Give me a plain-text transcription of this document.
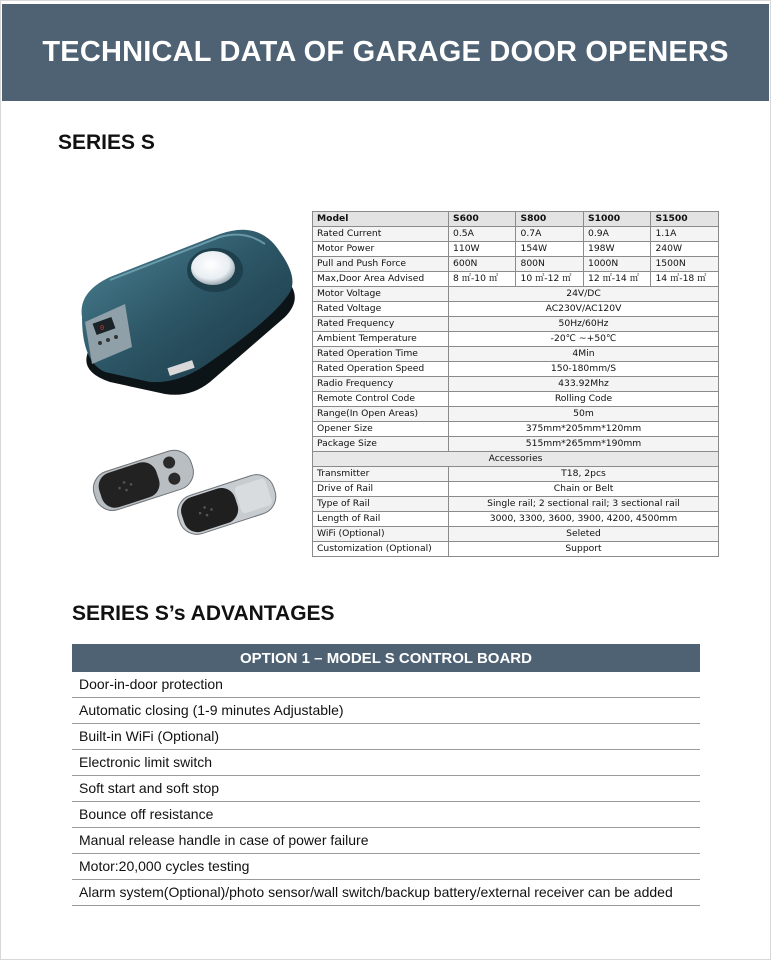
TECHNICAL DATA OF GARAGE DOOR OPENERS
SERIES S
0
Model	S600	S800	S1000	S1500
Rated Current	0.5A	0.7A	0.9A	1.1A
Motor Power	110W	154W	198W	240W
Pull and Push Force	600N	800N	1000N	1500N
Max,Door Area Advised	8 ㎡-10 ㎡	10 ㎡-12 ㎡	12 ㎡-14 ㎡	14 ㎡-18 ㎡
Motor Voltage	24V/DC			
Rated Voltage	AC230V/AC120V			
Rated Frequency	50Hz/60Hz			
Ambient Temperature	-20℃ ~+50℃			
Rated Operation Time	4Min			
Rated Operation Speed	150-180mm/S			
Radio Frequency	433.92Mhz			
Remote Control Code	Rolling Code			
Range(In Open Areas)	50m			
Opener Size	375mm*205mm*120mm			
Package Size	515mm*265mm*190mm			
Accessories				
Transmitter	T18, 2pcs			
Drive of Rail	Chain or Belt			
Type of Rail	Single rail; 2 sectional rail; 3 sectional rail			
Length of Rail	3000, 3300, 3600, 3900, 4200, 4500mm			
WiFi (Optional)	Seleted			
Customization (Optional)	Support			
SERIES S’s ADVANTAGES
OPTION 1 – MODEL S CONTROL BOARD
Door-in-door protection
Automatic closing (1-9 minutes Adjustable)
Built-in WiFi (Optional)
Electronic limit switch
Soft start and soft stop
Bounce off resistance
Manual release handle in case of power failure
Motor:20,000 cycles testing
Alarm system(Optional)/photo sensor/wall switch/backup battery/external receiver can be added
